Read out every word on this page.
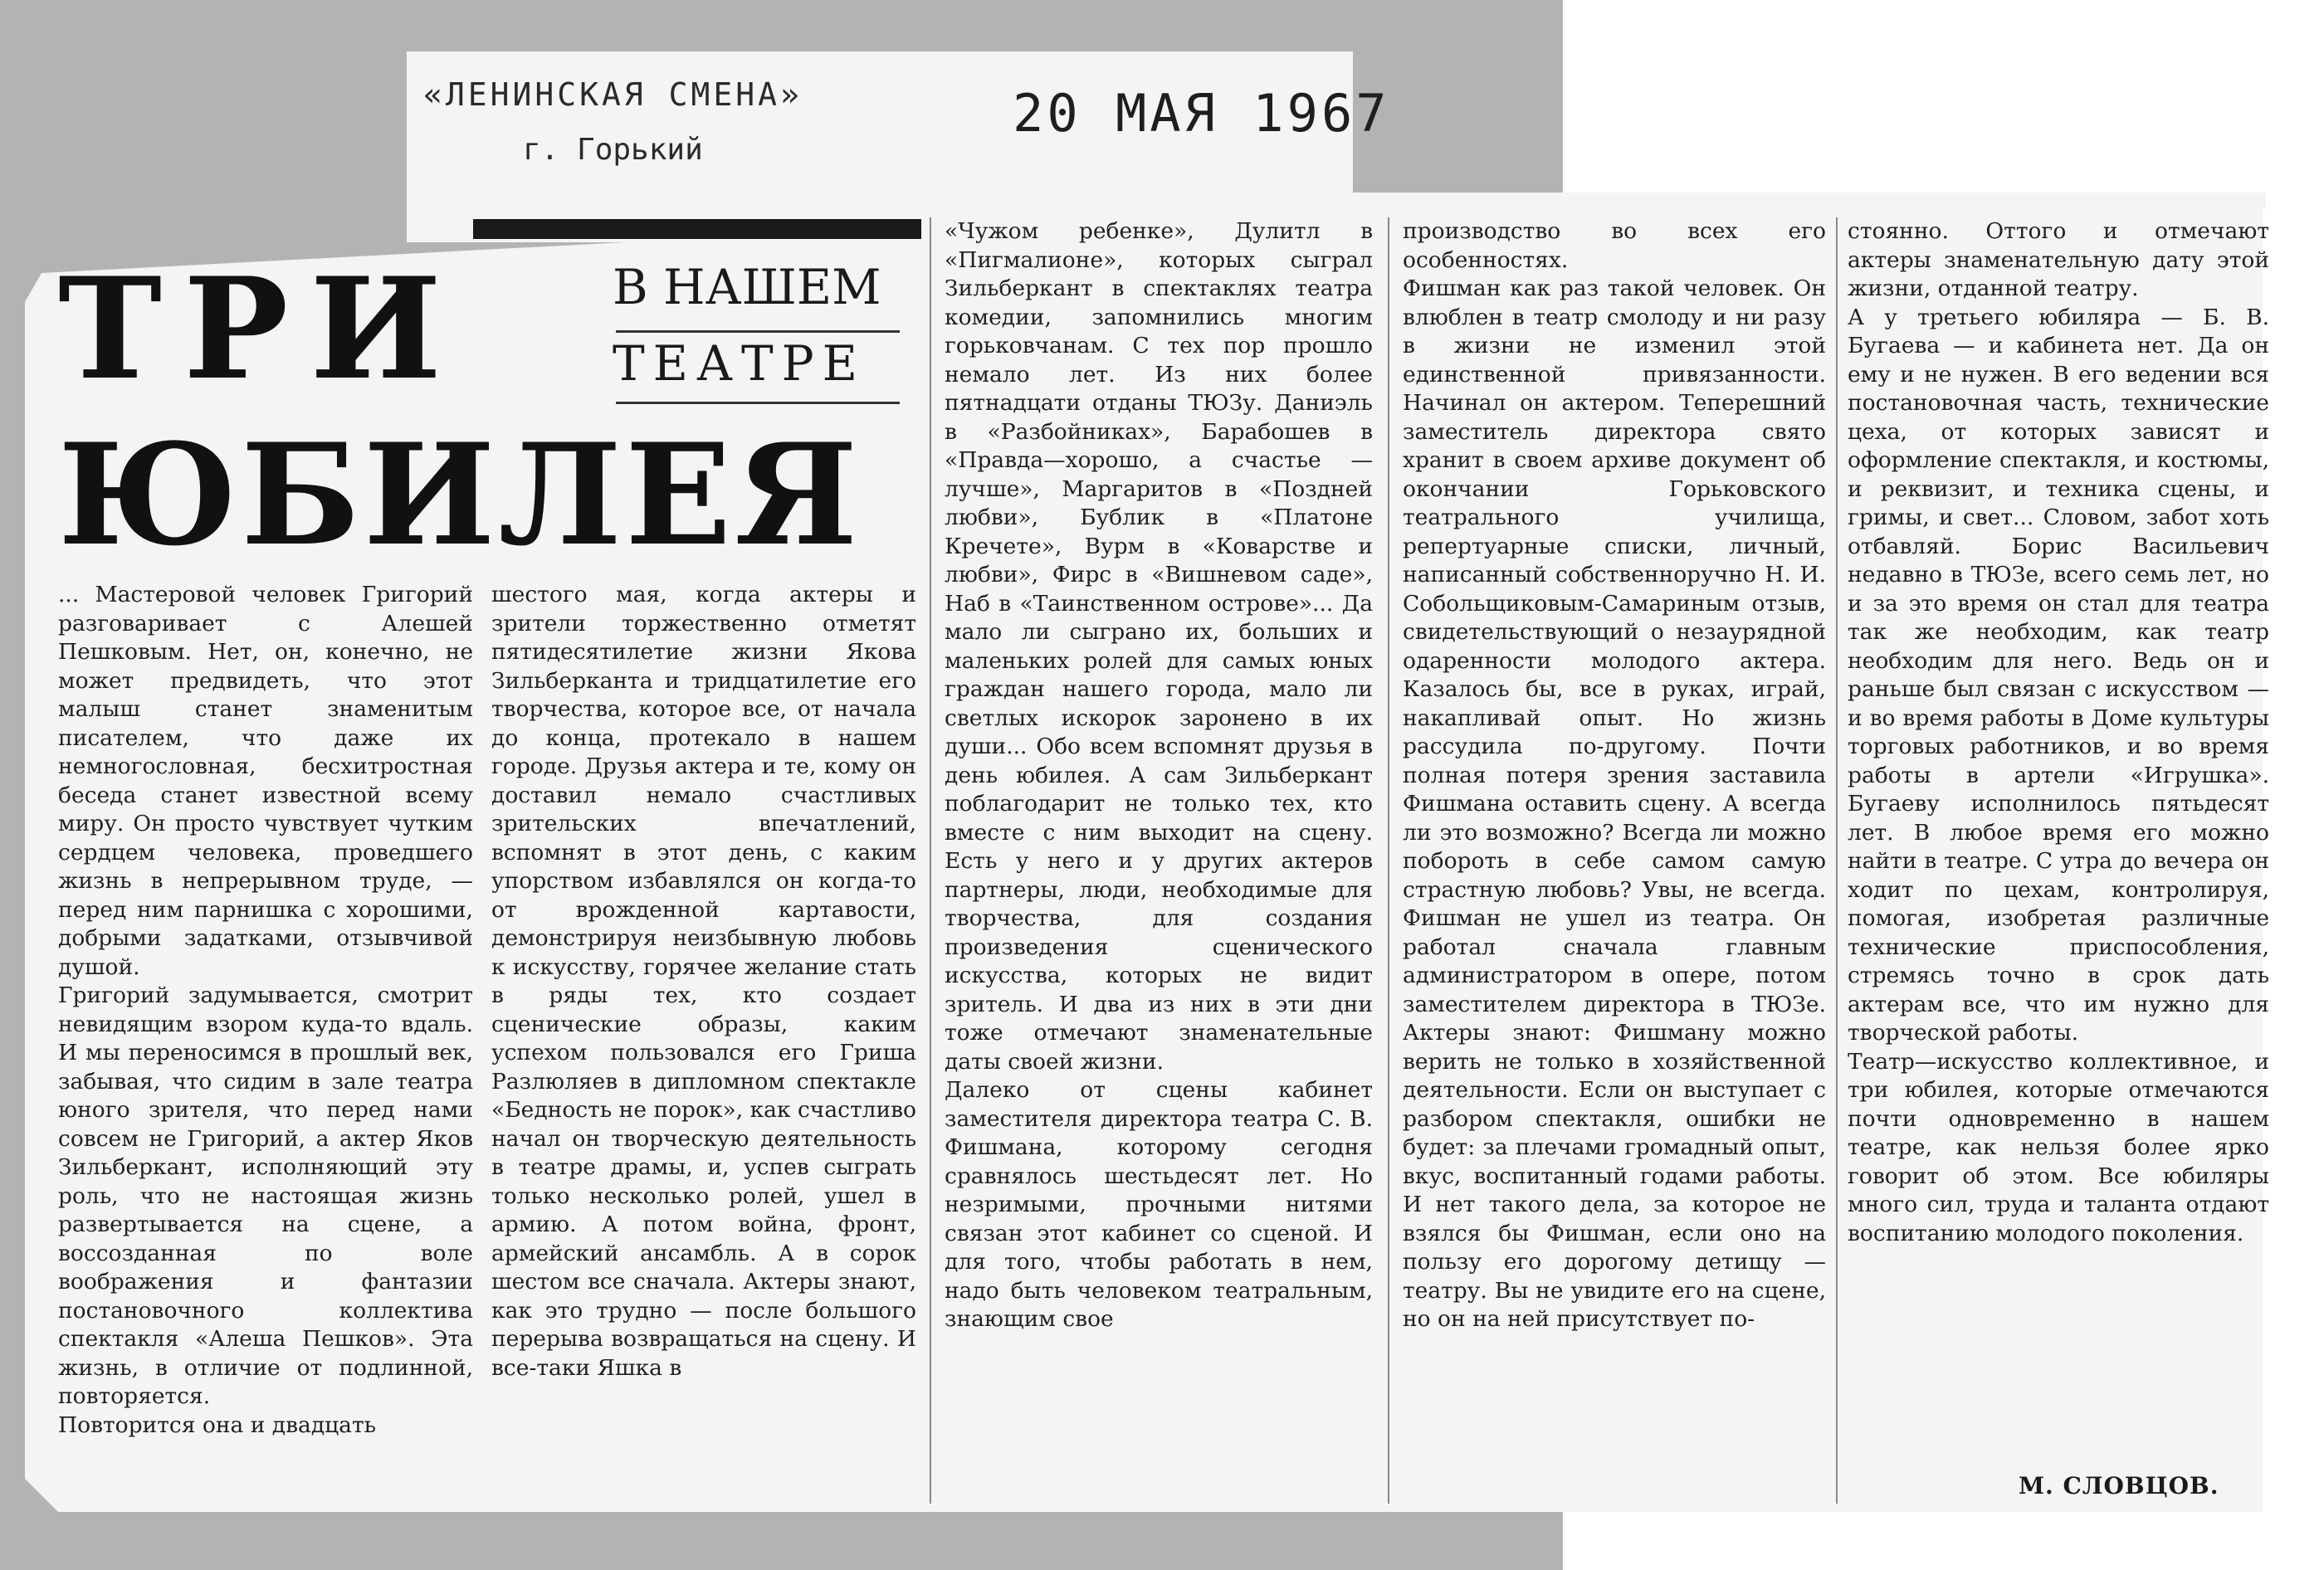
«ЛЕНИНСКАЯ СМЕНА»
г. Горький
20 МАЯ 1967
ТРИ
ЮБИЛЕЯ
В НАШЕМ
ТЕАТРЕ
... Мастеровой человек Григорий разговаривает с Алешей Пешковым. Нет, он, конечно, не может предвидеть, что этот малыш станет знаменитым писателем, что даже их немногословная, бесхитростная беседа станет известной всему миру. Он просто чувствует чутким сердцем человека, проведшего жизнь в непрерывном труде, — перед ним парнишка с хорошими, добрыми задатками, отзывчивой душой.
Григорий задумывается, смотрит невидящим взором куда-то вдаль. И мы переносимся в прошлый век, забывая, что сидим в зале театра юного зрителя, что перед нами совсем не Григорий, а актер Яков Зильберкант, исполняющий эту роль, что не настоящая жизнь развертывается на сцене, а воссозданная по воле воображения и фантазии постановочного коллектива спектакля «Алеша Пешков». Эта жизнь, в отличие от подлинной, повторяется.
Повторится она и двадцать
шестого мая, когда актеры и зрители торжественно отметят пятидесятилетие жизни Якова Зильберканта и тридцатилетие его творчества, которое все, от начала до конца, протекало в нашем городе. Друзья актера и те, кому он доставил немало счастливых зрительских впечатлений, вспомнят в этот день, с каким упорством избавлялся он когда-то от врожденной картавости, демонстрируя неизбывную любовь к искусству, горячее желание стать в ряды тех, кто создает сценические образы, каким успехом пользовался его Гриша Разлюляев в дипломном спектакле «Бедность не порок», как счастливо начал он творческую деятельность в театре драмы, и, успев сыграть только несколько ролей, ушел в армию. А потом война, фронт, армейский ансамбль. А в сорок шестом все сначала. Актеры знают, как это трудно — после большого перерыва возвращаться на сцену. И все-таки Яшка в
«Чужом ребенке», Дулитл в «Пигмалионе», которых сыграл Зильберкант в спектаклях театра комедии, запомнились многим горьковчанам. С тех пор прошло немало лет. Из них более пятнадцати отданы ТЮЗу. Даниэль в «Разбойниках», Барабошев в «Правда—хорошо, а счастье — лучше», Маргаритов в «Поздней любви», Бублик в «Платоне Кречете», Вурм в «Коварстве и любви», Фирс в «Вишневом саде», Наб в «Таинственном острове»... Да мало ли сыграно их, больших и маленьких ролей для самых юных граждан нашего города, мало ли светлых искорок заронено в их души... Обо всем вспомнят друзья в день юбилея. А сам Зильберкант поблагодарит не только тех, кто вместе с ним выходит на сцену. Есть у него и у других актеров партнеры, люди, необходимые для творчества, для создания произведения сценического искусства, которых не видит зритель. И два из них в эти дни тоже отмечают знаменательные даты своей жизни.
Далеко от сцены кабинет заместителя директора театра С. В. Фишмана, которому сегодня сравнялось шестьдесят лет. Но незримыми, прочными нитями связан этот кабинет со сценой. И для того, чтобы работать в нем, надо быть человеком театральным, знающим свое
производство во всех его особенностях.
Фишман как раз такой человек. Он влюблен в театр смолоду и ни разу в жизни не изменил этой единственной привязанности. Начинал он актером. Теперешний заместитель директора свято хранит в своем архиве документ об окончании Горьковского театрального училища, репертуарные списки, личный, написанный собственноручно Н. И. Собольщиковым-Самариным отзыв, свидетельствующий о незаурядной одаренности молодого актера. Казалось бы, все в руках, играй, накапливай опыт. Но жизнь рассудила по-другому. Почти полная потеря зрения заставила Фишмана оставить сцену. А всегда ли это возможно? Всегда ли можно побороть в себе самом самую страстную любовь? Увы, не всегда. Фишман не ушел из театра. Он работал сначала главным администратором в опере, потом заместителем директора в ТЮЗе. Актеры знают: Фишману можно верить не только в хозяйственной деятельности. Если он выступает с разбором спектакля, ошибки не будет: за плечами громадный опыт, вкус, воспитанный годами работы. И нет такого дела, за которое не взялся бы Фишман, если оно на пользу его дорогому детищу — театру. Вы не увидите его на сцене, но он на ней присутствует по-
стоянно. Оттого и отмечают актеры знаменательную дату этой жизни, отданной театру.
А у третьего юбиляра — Б. В. Бугаева — и кабинета нет. Да он ему и не нужен. В его ведении вся постановочная часть, технические цеха, от которых зависят и оформление спектакля, и костюмы, и реквизит, и техника сцены, и гримы, и свет... Словом, забот хоть отбавляй. Борис Васильевич недавно в ТЮЗе, всего семь лет, но и за это время он стал для театра так же необходим, как театр необходим для него. Ведь он и раньше был связан с искусством — и во время работы в Доме культуры торговых работников, и во время работы в артели «Игрушка». Бугаеву исполнилось пятьдесят лет. В любое время его можно найти в театре. С утра до вечера он ходит по цехам, контролируя, помогая, изобретая различные технические приспособления, стремясь точно в срок дать актерам все, что им нужно для творческой работы.
Театр—искусство коллективное, и три юбилея, которые отмечаются почти одновременно в нашем театре, как нельзя более ярко говорит об этом. Все юбиляры много сил, труда и таланта отдают воспитанию молодого поколения.
М. СЛОВЦОВ.
